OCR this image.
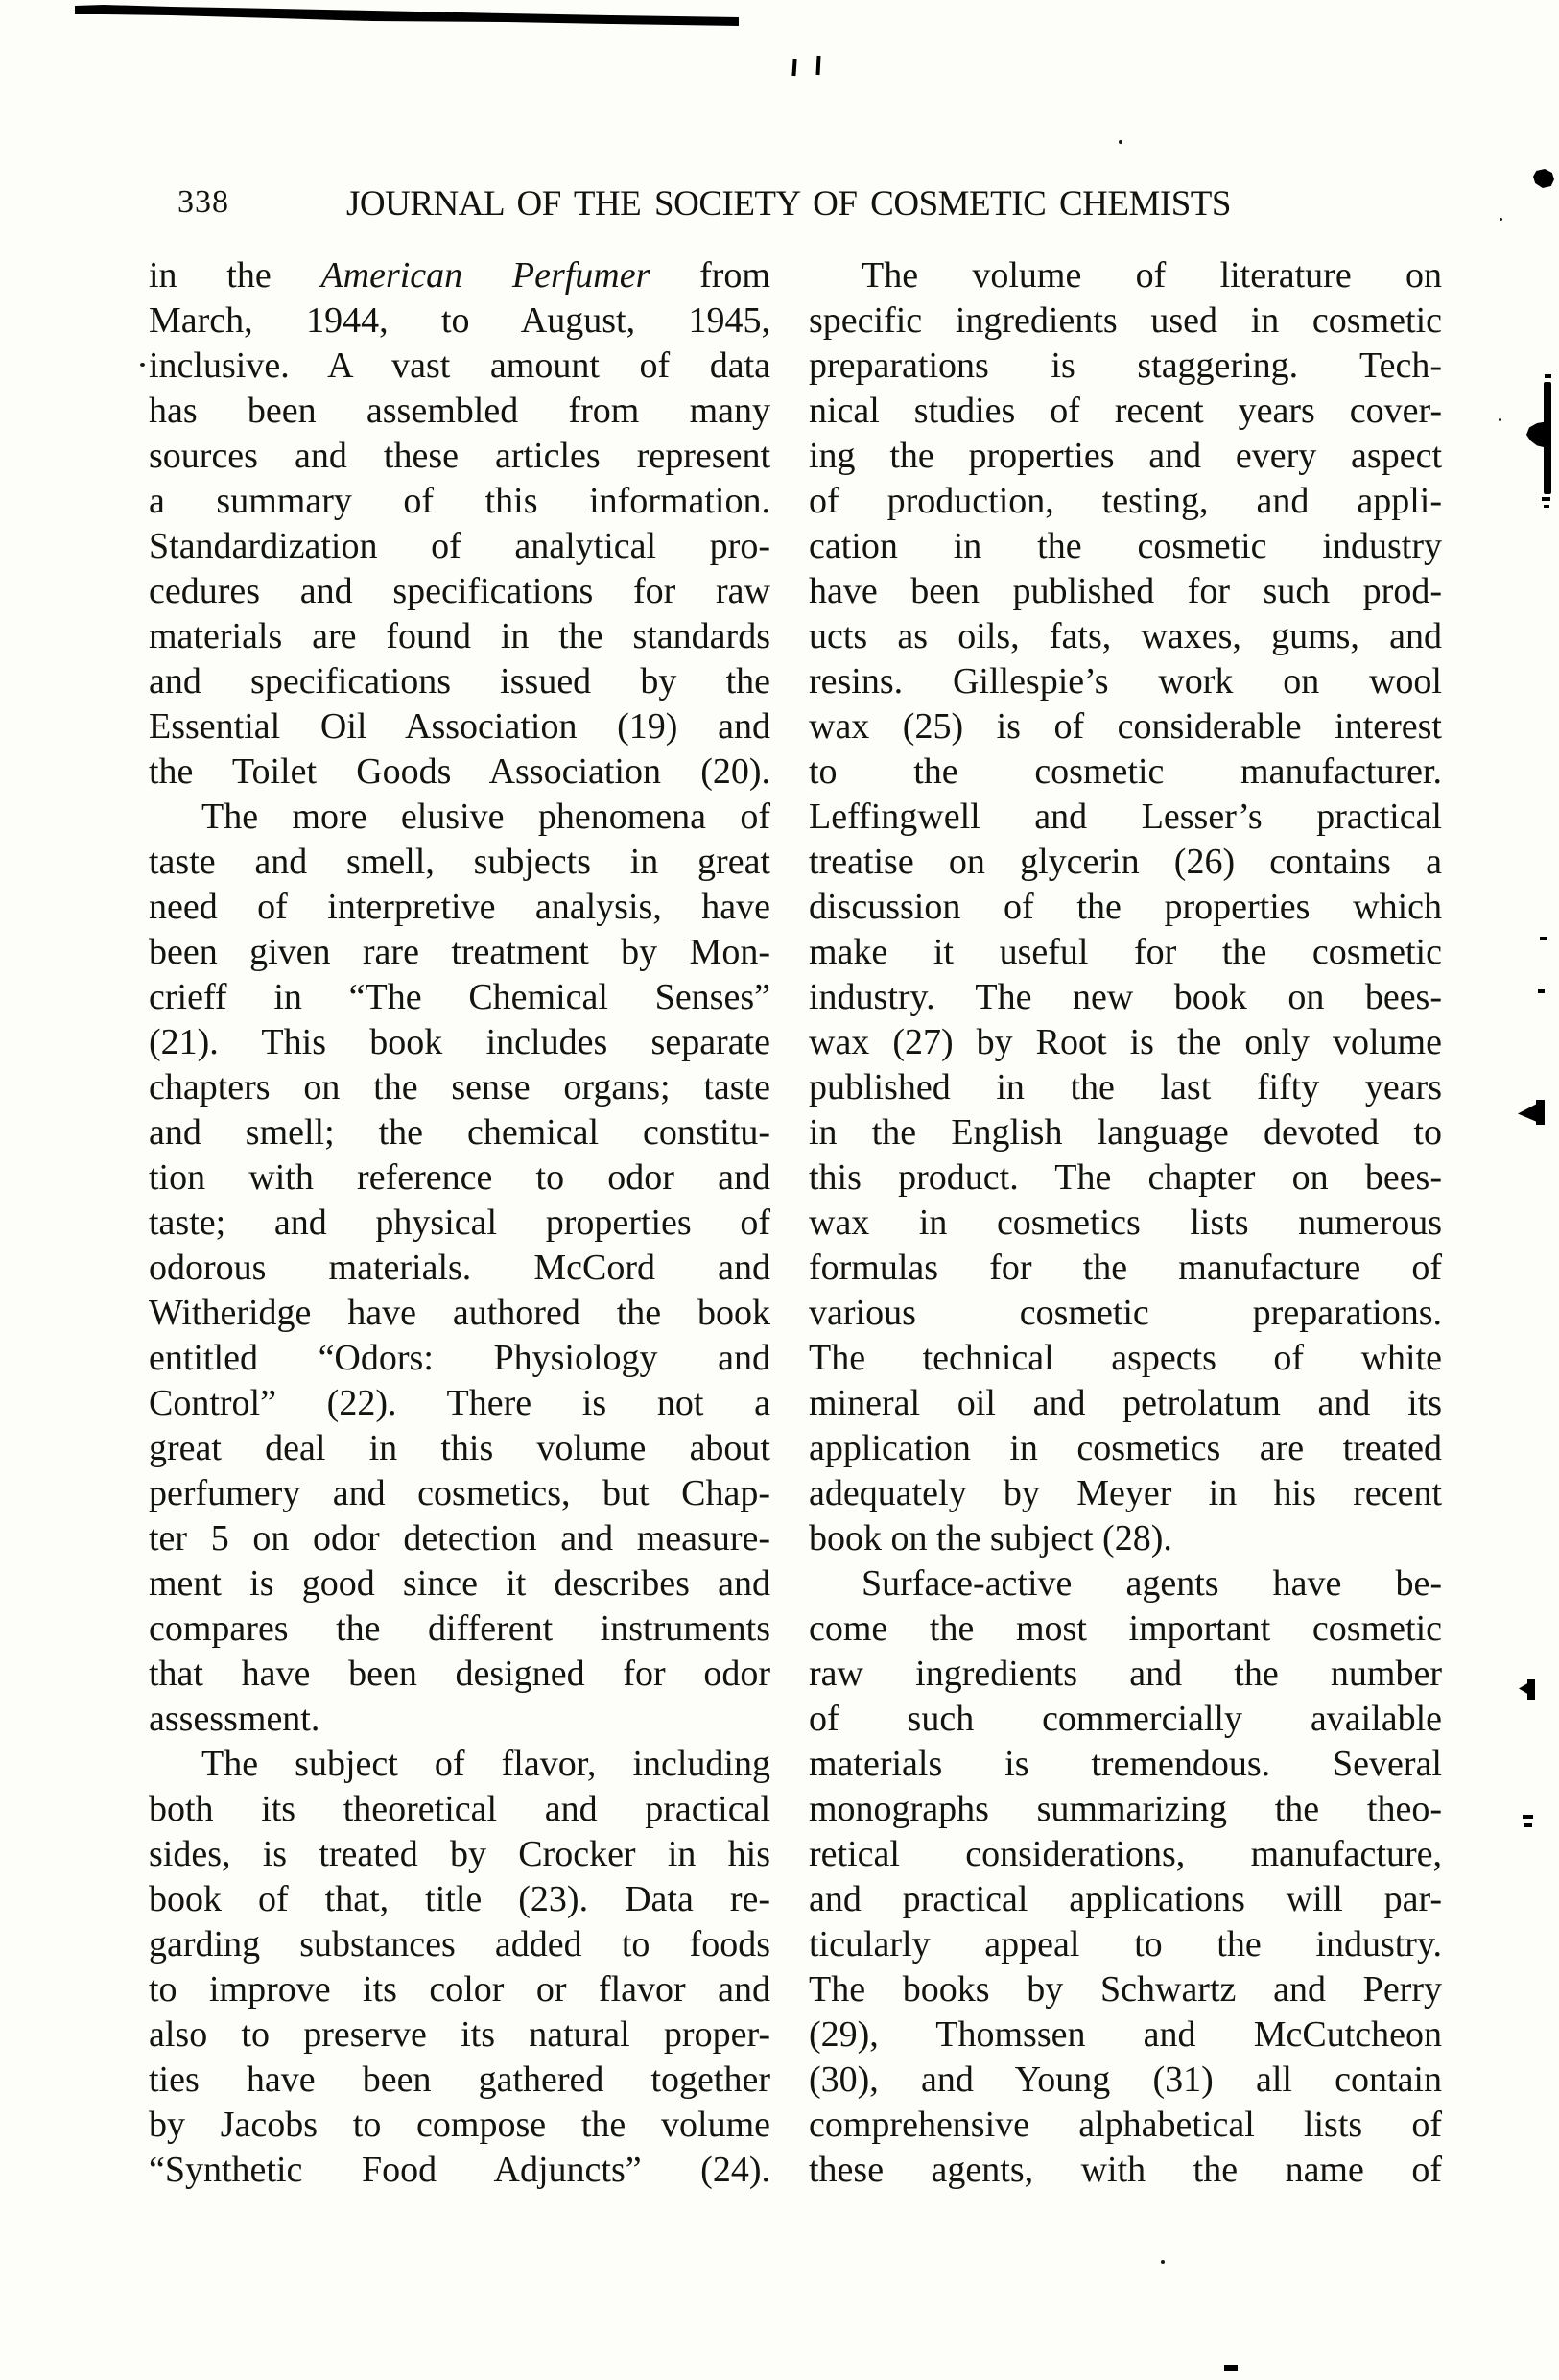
338	JOURNAL OF THE SOCIETY OF COSMETIC CHEMISTS
in the American Perfumer from
March, 1944, to August, 1945,
inclusive. A vast amount of data
has been assembled from many
sources and these articles represent
a summary of this information.
Standardization of analytical pro-
cedures and specifications for raw
materials are found in the standards
and specifications issued by the
Essential Oil Association (19) and
the Toilet Goods Association (20).
The more elusive phenomena of
taste and smell, subjects in great
need of interpretive analysis, have
been given rare treatment by Mon-
crieff in “The Chemical Senses”
(21). This book includes separate
chapters on the sense organs; taste
and smell; the chemical constitu-
tion with reference to odor and
taste; and physical properties of
odorous materials. McCord and
Witheridge have authored the book
entitled “Odors: Physiology and
Control” (22). There is not a
great deal in this volume about
perfumery and cosmetics, but Chap-
ter 5 on odor detection and measure-
ment is good since it describes and
compares the different instruments
that have been designed for odor
assessment.
The subject of flavor, including
both its theoretical and practical
sides, is treated by Crocker in his
book of that, title (23). Data re-
garding substances added to foods
to improve its color or flavor and
also to preserve its natural proper-
ties have been gathered together
by Jacobs to compose the volume
“Synthetic Food Adjuncts” (24).
The volume of literature on
specific ingredients used in cosmetic
preparations is staggering. Tech-
nical studies of recent years cover-
ing the properties and every aspect
of production, testing, and appli-
cation in the cosmetic industry
have been published for such prod-
ucts as oils, fats, waxes, gums, and
resins. Gillespie’s work on wool
wax (25) is of considerable interest
to the cosmetic manufacturer.
Leffingwell and Lesser’s practical
treatise on glycerin (26) contains a
discussion of the properties which
make it useful for the cosmetic
industry. The new book on bees-
wax (27) by Root is the only volume
published in the last fifty years
in the English language devoted to
this product. The chapter on bees-
wax in cosmetics lists numerous
formulas for the manufacture of
various cosmetic preparations.
The technical aspects of white
mineral oil and petrolatum and its
application in cosmetics are treated
adequately by Meyer in his recent
book on the subject (28).
Surface-active agents have be-
come the most important cosmetic
raw ingredients and the number
of such commercially available
materials is tremendous. Several
monographs summarizing the theo-
retical considerations, manufacture,
and practical applications will par-
ticularly appeal to the industry.
The books by Schwartz and Perry
(29), Thomssen and McCutcheon
(30), and Young (31) all contain
comprehensive alphabetical lists of
these agents, with the name of
